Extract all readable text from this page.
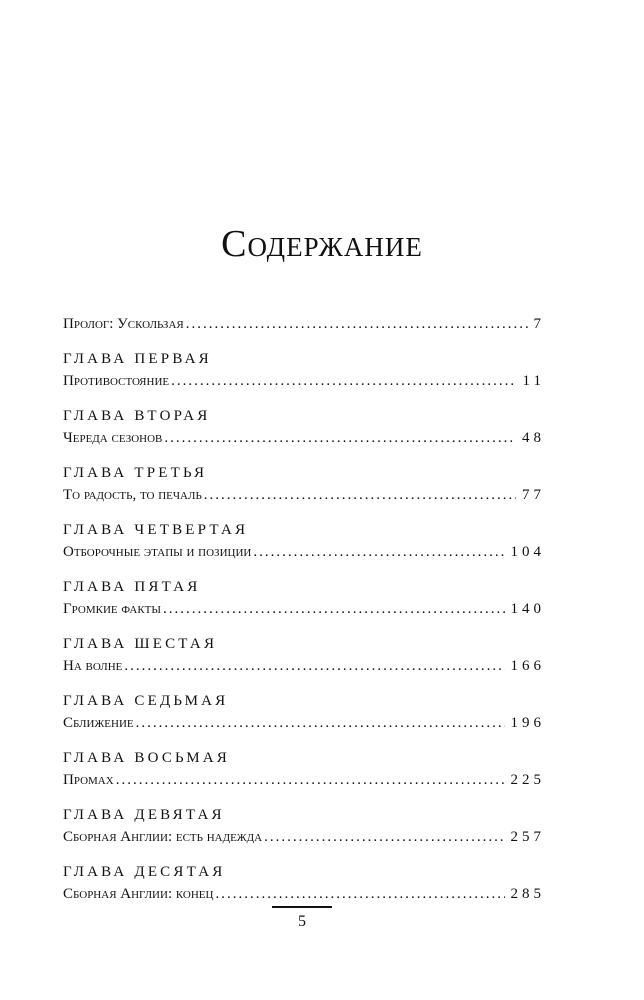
Содержание
Пролог: Ускользая .....	7
ГЛАВА ПЕРВАЯ
Противостояние .....	11
ГЛАВА ВТОРАЯ
Череда сезонов .....	48
ГЛАВА ТРЕТЬЯ
То радость, то печаль .....	77
ГЛАВА ЧЕТВЕРТАЯ
Отборочные этапы и позиции .....	104
ГЛАВА ПЯТАЯ
Громкие факты .....	140
ГЛАВА ШЕСТАЯ
На волне .....	166
ГЛАВА СЕДЬМАЯ
Сближение .....	196
ГЛАВА ВОСЬМАЯ
Промах .....	225
ГЛАВА ДЕВЯТАЯ
Сборная Англии: есть надежда .....	257
ГЛАВА ДЕСЯТАЯ
Сборная Англии: конец .....	285
5
